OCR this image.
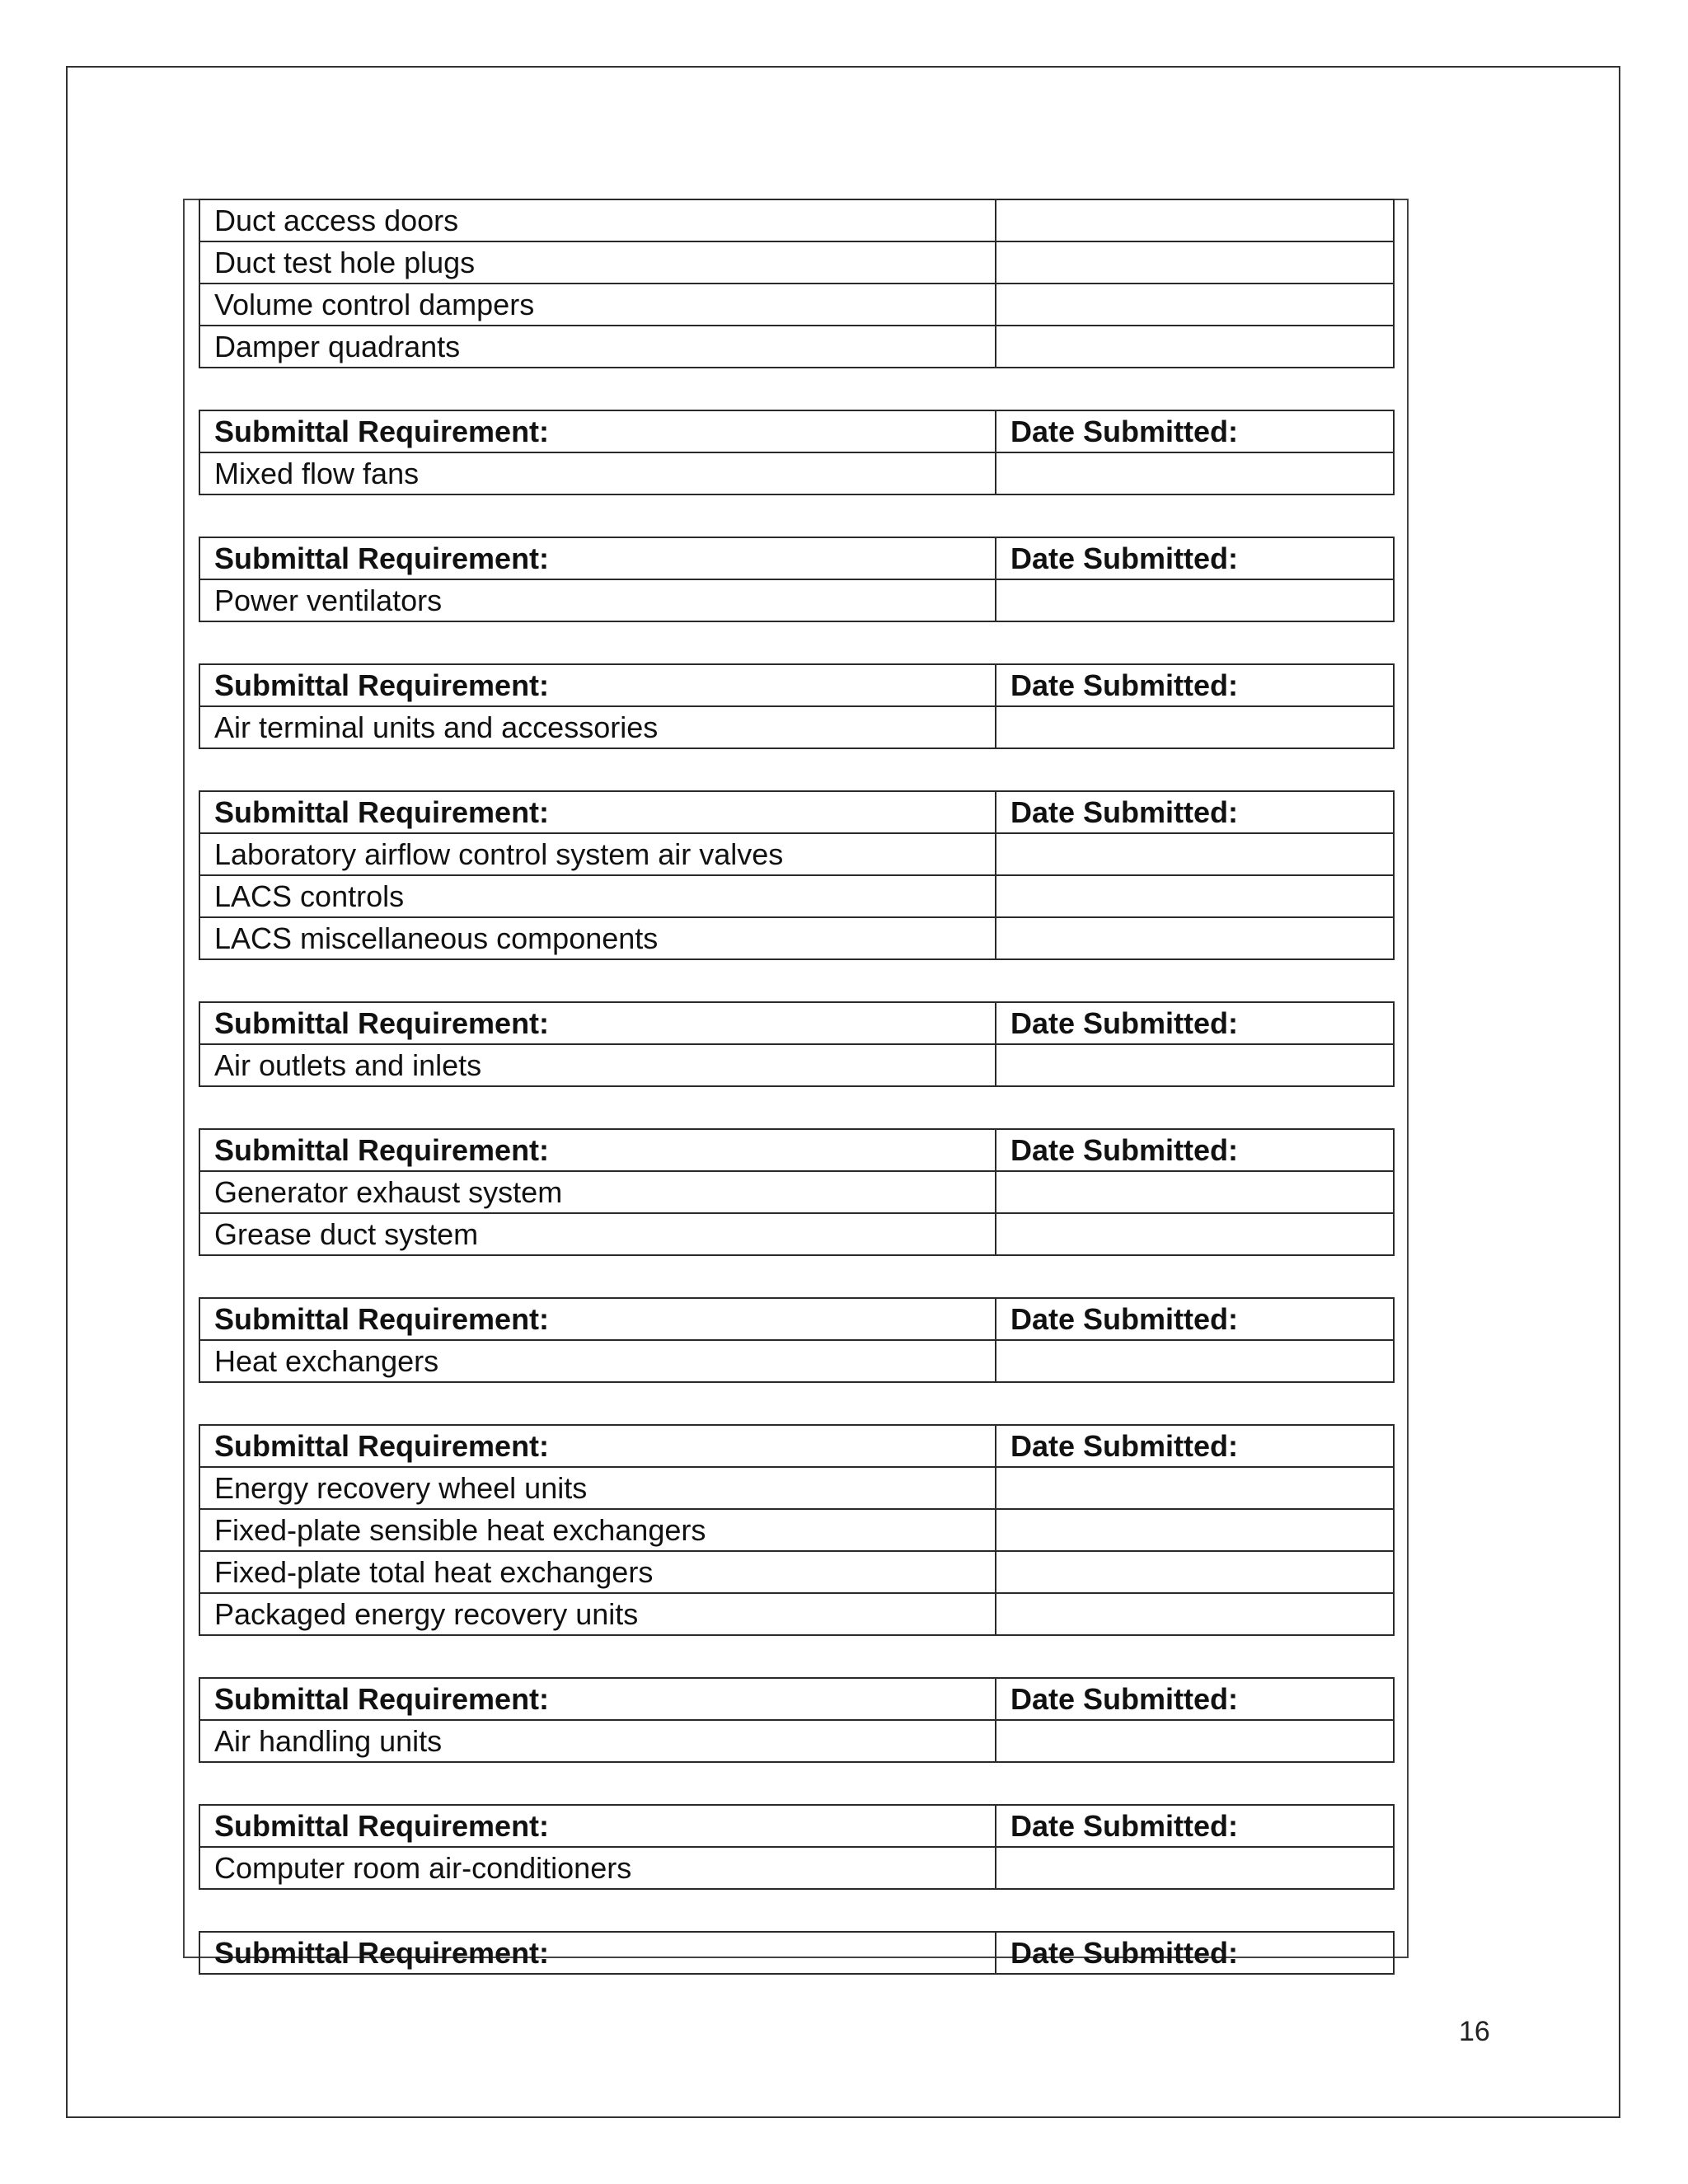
Duct access doors	
Duct test hole plugs	
Volume control dampers	
Damper quadrants	
Submittal Requirement:	Date Submitted:
Mixed flow fans	
Submittal Requirement:	Date Submitted:
Power ventilators	
Submittal Requirement:	Date Submitted:
Air terminal units and accessories	
Submittal Requirement:	Date Submitted:
Laboratory airflow control system air valves	
LACS controls	
LACS miscellaneous components	
Submittal Requirement:	Date Submitted:
Air outlets and inlets	
Submittal Requirement:	Date Submitted:
Generator exhaust system	
Grease duct system	
Submittal Requirement:	Date Submitted:
Heat exchangers	
Submittal Requirement:	Date Submitted:
Energy recovery wheel units	
Fixed-plate sensible heat exchangers	
Fixed-plate total heat exchangers	
Packaged energy recovery units	
Submittal Requirement:	Date Submitted:
Air handling units	
Submittal Requirement:	Date Submitted:
Computer room air-conditioners	
Submittal Requirement:	Date Submitted:
16
